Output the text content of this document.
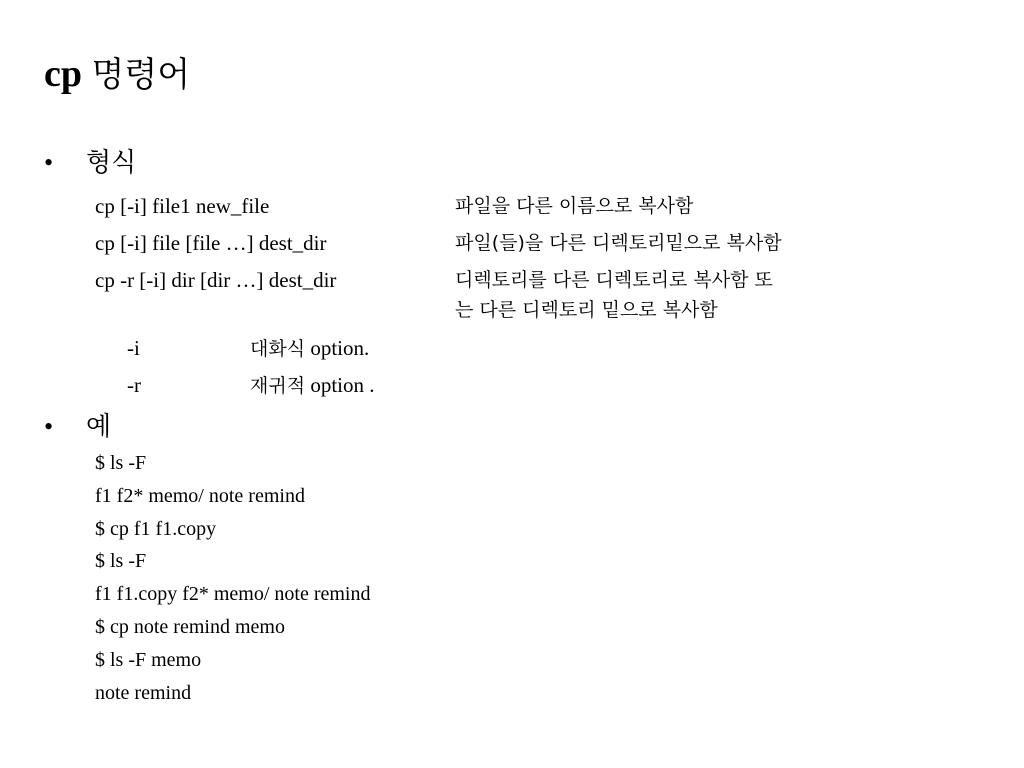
cp 명령어
• 형식
cp [-i] file1 new_file	파일을 다른 이름으로 복사함
cp [-i] file [file …] dest_dir	파일(들)을 다른 디렉토리밑으로 복사함
cp -r [-i] dir [dir …] dest_dir	디렉토리를 다른 디렉토리로 복사함 또
는 다른 디렉토리 밑으로 복사함
-i	대화식 option.
-r	재귀적 option .
• 예
$ ls -F
f1 f2* memo/ note remind
$ cp f1 f1.copy
$ ls -F
f1 f1.copy f2* memo/ note remind
$ cp note remind memo
$ ls -F memo
note remind
